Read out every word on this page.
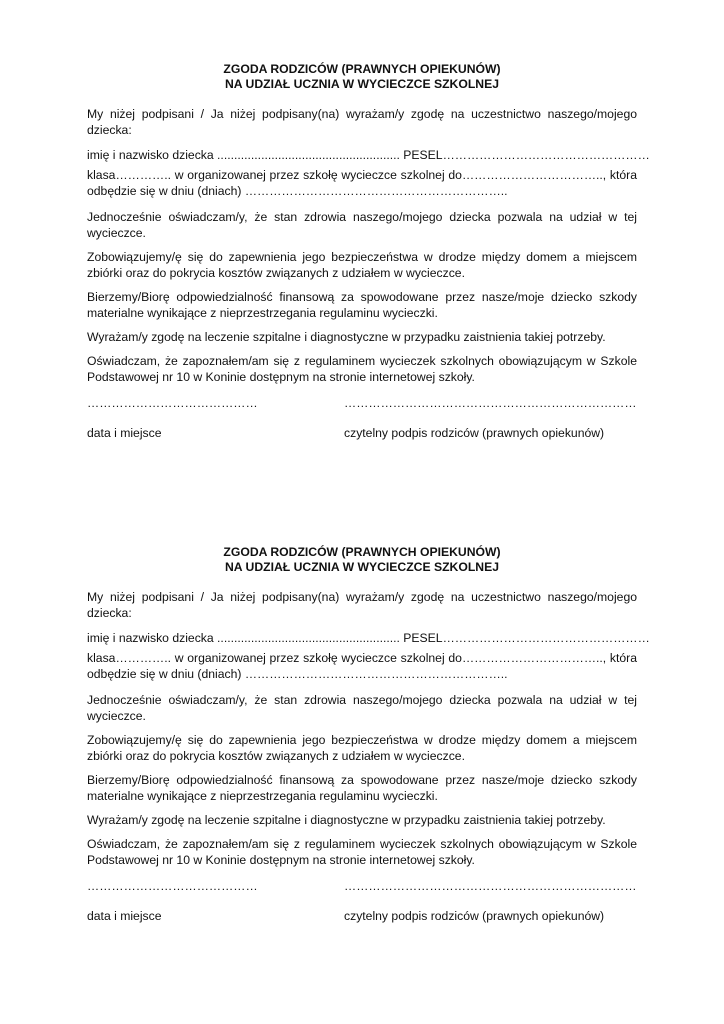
ZGODA RODZICÓW (PRAWNYCH OPIEKUNÓW)
NA UDZIAŁ UCZNIA W WYCIECZCE SZKOLNEJ

My niżej podpisani / Ja niżej podpisany(na) wyrażam/y zgodę na uczestnictwo naszego/mojego dziecka:

imię i nazwisko dziecka ...................................................... PESEL……………………………………………
klasa………….. w organizowanej przez szkołę wycieczce szkolnej do…………………………….., która odbędzie się w dniu (dniach) ………………………………………………………..

Jednocześnie oświadczam/y, że stan zdrowia naszego/mojego dziecka pozwala na udział w tej wycieczce.

Zobowiązujemy/ę się do zapewnienia jego bezpieczeństwa w drodze między domem a miejscem zbiórki oraz do pokrycia kosztów związanych z udziałem w wycieczce.

Bierzemy/Biorę odpowiedzialność finansową za spowodowane przez nasze/moje dziecko szkody materialne wynikające z nieprzestrzegania regulaminu wycieczki.

Wyrażam/y zgodę na leczenie szpitalne i diagnostyczne w przypadku zaistnienia takiej potrzeby.

Oświadczam, że zapoznałem/am się z regulaminem wycieczek szkolnych obowiązującym w Szkole Podstawowej nr 10 w Koninie dostępnym na stronie internetowej szkoły.

……………………………………
data i miejsce
………………………………………………………………
czytelny podpis rodziców (prawnych opiekunów)
ZGODA RODZICÓW (PRAWNYCH OPIEKUNÓW)
NA UDZIAŁ UCZNIA W WYCIECZCE SZKOLNEJ

My niżej podpisani / Ja niżej podpisany(na) wyrażam/y zgodę na uczestnictwo naszego/mojego dziecka:

imię i nazwisko dziecka ...................................................... PESEL……………………………………………
klasa………….. w organizowanej przez szkołę wycieczce szkolnej do…………………………….., która odbędzie się w dniu (dniach) ………………………………………………………..

Jednocześnie oświadczam/y, że stan zdrowia naszego/mojego dziecka pozwala na udział w tej wycieczce.

Zobowiązujemy/ę się do zapewnienia jego bezpieczeństwa w drodze między domem a miejscem zbiórki oraz do pokrycia kosztów związanych z udziałem w wycieczce.

Bierzemy/Biorę odpowiedzialność finansową za spowodowane przez nasze/moje dziecko szkody materialne wynikające z nieprzestrzegania regulaminu wycieczki.

Wyrażam/y zgodę na leczenie szpitalne i diagnostyczne w przypadku zaistnienia takiej potrzeby.

Oświadczam, że zapoznałem/am się z regulaminem wycieczek szkolnych obowiązującym w Szkole Podstawowej nr 10 w Koninie dostępnym na stronie internetowej szkoły.

……………………………………
data i miejsce
………………………………………………………………
czytelny podpis rodziców (prawnych opiekunów)
